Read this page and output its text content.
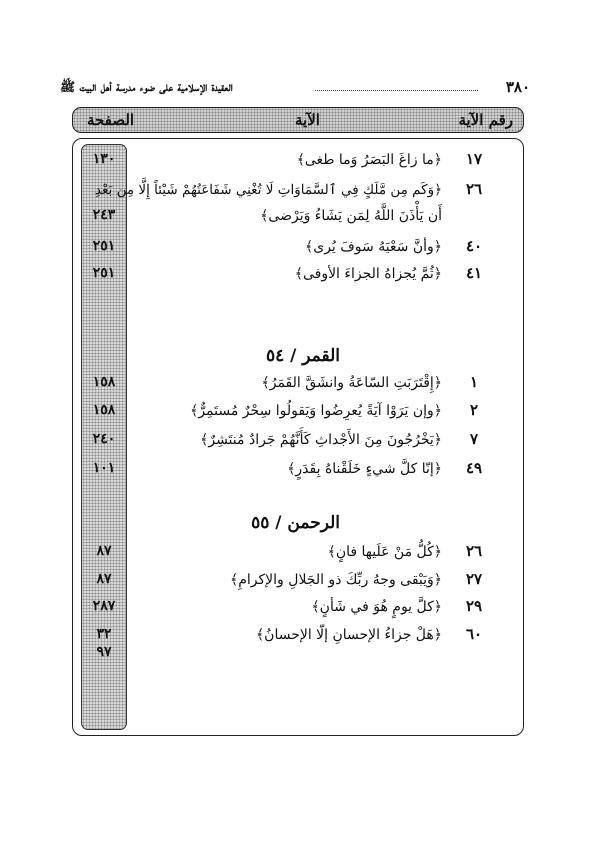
٣٨٠
العقيدة الإسلامية على ضوء مدرسة أهل البيت ﷺ
رقم الآية
الآية
الصفحة
١٧
﴿ما زاغَ البَصَرُ وَما طغى﴾
١٣٠
٢٦
﴿وَكَم مِن مَّلَكٍ فِي ٱلسَّمَاوَاتِ لَا تُغْنِي شَفَاعَتُهُمْ شَيْئاً إِلَّا مِن بَعْدِ
أَن يَأْذَنَ اللَّهُ لِمَن يَشَاءُ وَيَرْضى﴾
٢٤٣
٤٠
﴿وأنَّ سَعْيَهُ سَوفَ يُرى﴾
٢٥١
٤١
﴿ثُمَّ يُجزاهُ الجزاءَ الأوفى﴾
٢٥١
القمر / ٥٤
١
﴿إِقْتَرَبَتِ السّاعَةُ وانشَقَّ القَمَرُ﴾
١٥٨
٢
﴿وإن يَرَوْا آيَةً يُعرِضُوا وَيَقولُوا سِحْرٌ مُستَمِرٌّ﴾
١٥٨
٧
﴿يَخْرُجُونَ مِنَ الأَجْداثِ كَأَنَّهُمْ جَرادٌ مُنتَشِرٌ﴾
٢٤٠
٤٩
﴿إنّا كلَّ شيءٍ خَلَقْناهُ بِقَدَرٍ﴾
١٠١
الرحمن / ٥٥
٢٦
﴿كُلُّ مَنْ عَلَيها فانٍ﴾
٨٧
٢٧
﴿وَيَبْقى وجهُ ربِّكَ ذو الجَلالِ والإكرامِ﴾
٨٧
٢٩
﴿كلَّ يومٍ هُوَ في شَأنٍ﴾
٢٨٧
٦٠
﴿هَلْ جزاءُ الإحسانِ إلّا الإحسانُ﴾
٣٢
٩٧
